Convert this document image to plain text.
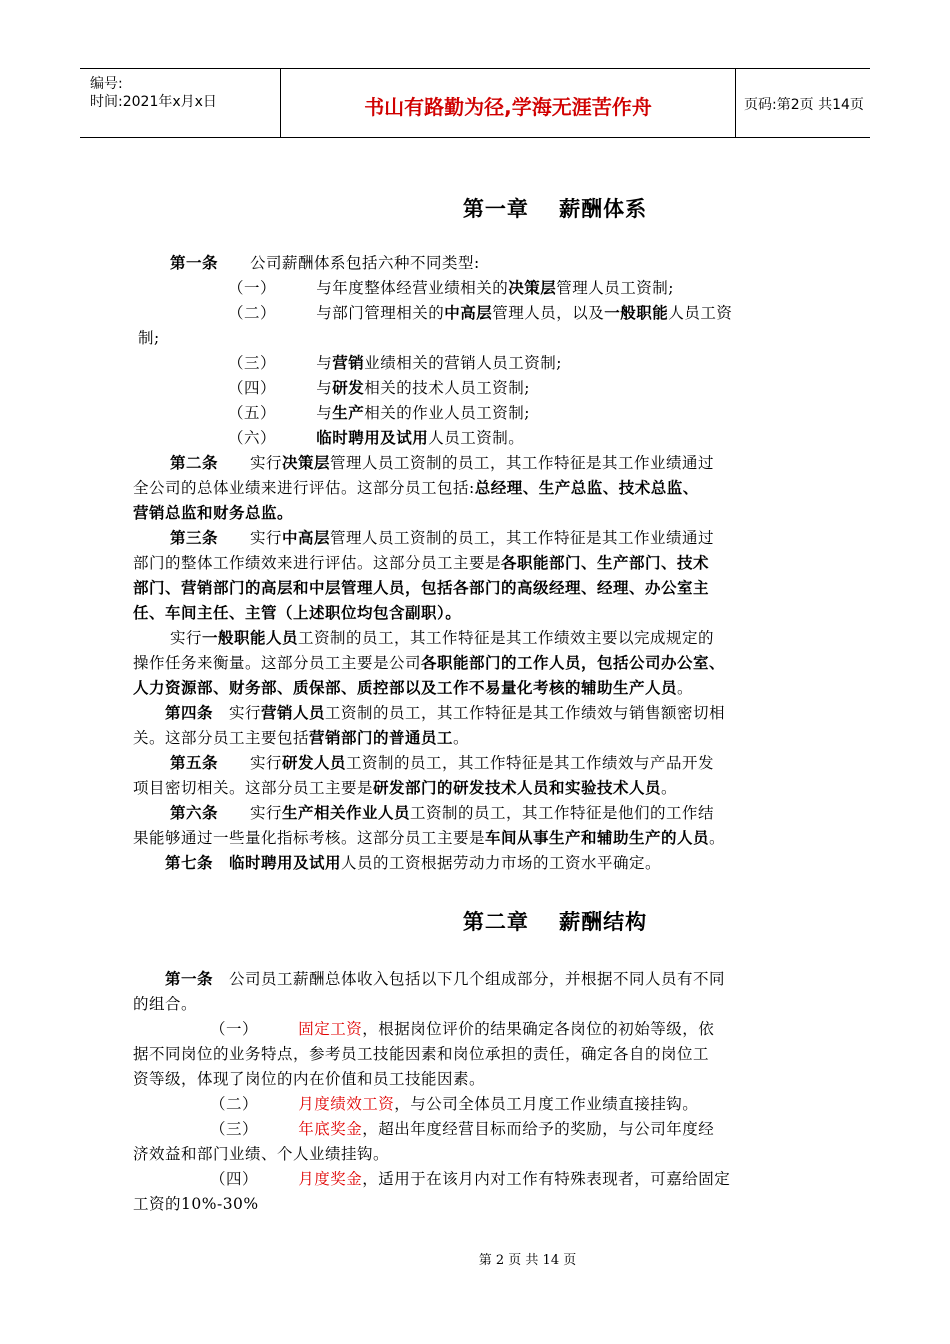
编号:
时间:2021年x月x日	书山有路勤为径,学海无涯苦作舟	页码:第2页 共14页
第一章　 薪酬体系
第二章　 薪酬结构
第一条　　公司薪酬体系包括六种不同类型:
（一）　　　与年度整体经营业绩相关的决策层管理人员工资制;
（二）　　　与部门管理相关的中高层管理人员，以及一般职能人员工资
制;
（三）　　　与营销业绩相关的营销人员工资制;
（四）　　　与研发相关的技术人员工资制;
（五）　　　与生产相关的作业人员工资制;
（六）　　　临时聘用及试用人员工资制。
第二条　　实行决策层管理人员工资制的员工，其工作特征是其工作业绩通过
全公司的总体业绩来进行评估。这部分员工包括:总经理、生产总监、技术总监、
营销总监和财务总监。
第三条　　实行中高层管理人员工资制的员工，其工作特征是其工作业绩通过
部门的整体工作绩效来进行评估。这部分员工主要是各职能部门、生产部门、技术
部门、营销部门的高层和中层管理人员，包括各部门的高级经理、经理、办公室主
任、车间主任、主管（上述职位均包含副职）。
实行一般职能人员工资制的员工，其工作特征是其工作绩效主要以完成规定的
操作任务来衡量。这部分员工主要是公司各职能部门的工作人员，包括公司办公室、
人力资源部、财务部、质保部、质控部以及工作不易量化考核的辅助生产人员。
第四条　实行营销人员工资制的员工，其工作特征是其工作绩效与销售额密切相
关。这部分员工主要包括营销部门的普通员工。
第五条　　实行研发人员工资制的员工，其工作特征是其工作绩效与产品开发
项目密切相关。这部分员工主要是研发部门的研发技术人员和实验技术人员。
第六条　　实行生产相关作业人员工资制的员工，其工作特征是他们的工作结
果能够通过一些量化指标考核。这部分员工主要是车间从事生产和辅助生产的人员。
第七条　 临时聘用及试用人员的工资根据劳动力市场的工资水平确定。
第一条　公司员工薪酬总体收入包括以下几个组成部分，并根据不同人员有不同
的组合。
（一）　　　固定工资，根据岗位评价的结果确定各岗位的初始等级，依
据不同岗位的业务特点，参考员工技能因素和岗位承担的责任，确定各自的岗位工
资等级，体现了岗位的内在价值和员工技能因素。
（二）　　　月度绩效工资，与公司全体员工月度工作业绩直接挂钩。
（三）　　　年底奖金，超出年度经营目标而给予的奖励，与公司年度经
济效益和部门业绩、个人业绩挂钩。
（四）　　　月度奖金，适用于在该月内对工作有特殊表现者，可嘉给固定
工资的10%-30%
第 2 页 共 14 页
